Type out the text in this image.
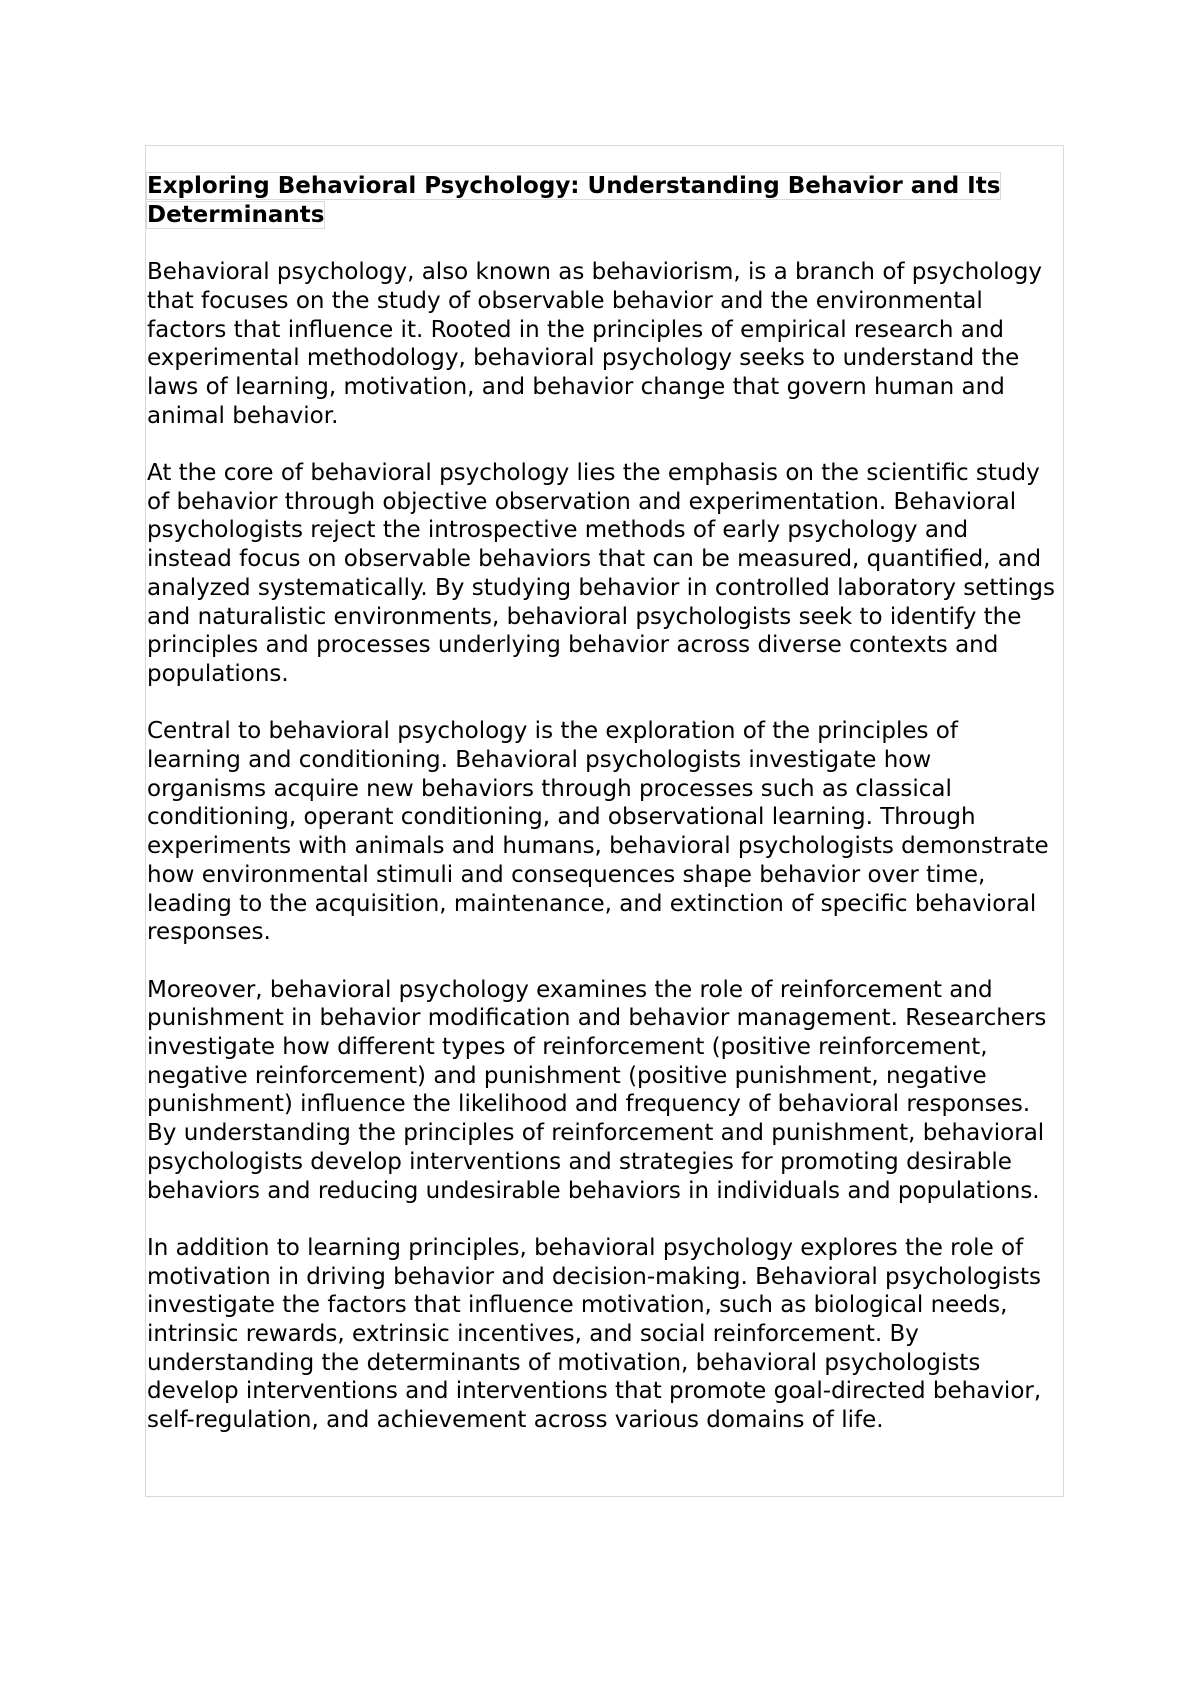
Exploring Behavioral Psychology: Understanding Behavior and Its Determinants

Behavioral psychology, also known as behaviorism, is a branch of psychology that focuses on the study of observable behavior and the environmental factors that influence it. Rooted in the principles of empirical research and experimental methodology, behavioral psychology seeks to understand the laws of learning, motivation, and behavior change that govern human and animal behavior.

At the core of behavioral psychology lies the emphasis on the scientific study of behavior through objective observation and experimentation. Behavioral psychologists reject the introspective methods of early psychology and instead focus on observable behaviors that can be measured, quantified, and analyzed systematically. By studying behavior in controlled laboratory settings and naturalistic environments, behavioral psychologists seek to identify the principles and processes underlying behavior across diverse contexts and populations.

Central to behavioral psychology is the exploration of the principles of learning and conditioning. Behavioral psychologists investigate how organisms acquire new behaviors through processes such as classical conditioning, operant conditioning, and observational learning. Through experiments with animals and humans, behavioral psychologists demonstrate how environmental stimuli and consequences shape behavior over time, leading to the acquisition, maintenance, and extinction of specific behavioral responses.

Moreover, behavioral psychology examines the role of reinforcement and punishment in behavior modification and behavior management. Researchers investigate how different types of reinforcement (positive reinforcement, negative reinforcement) and punishment (positive punishment, negative punishment) influence the likelihood and frequency of behavioral responses. By understanding the principles of reinforcement and punishment, behavioral psychologists develop interventions and strategies for promoting desirable behaviors and reducing undesirable behaviors in individuals and populations.

In addition to learning principles, behavioral psychology explores the role of motivation in driving behavior and decision-making. Behavioral psychologists investigate the factors that influence motivation, such as biological needs, intrinsic rewards, extrinsic incentives, and social reinforcement. By understanding the determinants of motivation, behavioral psychologists develop interventions and interventions that promote goal-directed behavior, self-regulation, and achievement across various domains of life.
